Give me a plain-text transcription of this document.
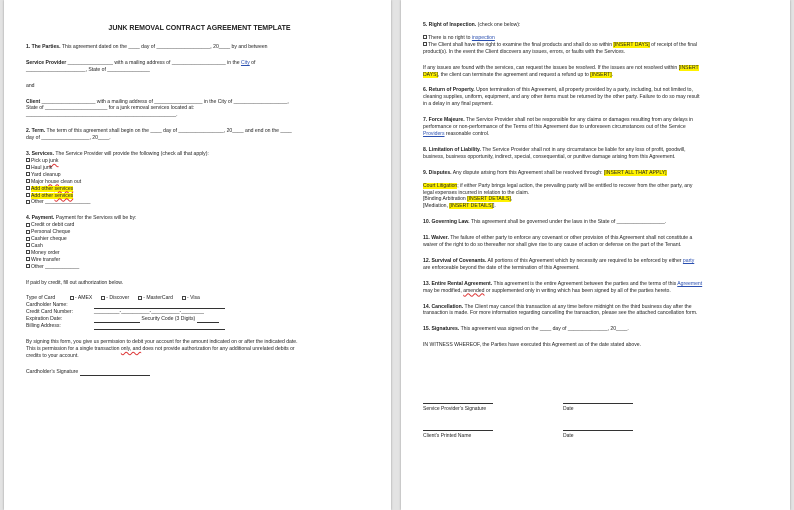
JUNK REMOVAL CONTRACT AGREEMENT TEMPLATE

1. The Parties. This agreement dated on the ____ day of ___________________, 20____ by and between

Service Provider ________________ with a mailing address of ___________________ in the City of

_____________________, State of _______________

and

Client ___________________ with a mailing address of _________________ in the City of ___________________,

State of ______________________ for a junk removal services located at:

_____________________________________________________.

2. Term. The term of this agreement shall begin on the ____ day of ________________, 20____ and end on the ____

day of _________________, 20____.

3. Services. The Service Provider will provide the following (check all that apply):

Pick up junk

Haul junk

Yard cleanup

Major house clean out

Add other services

Add other services

Other ________________

4. Payment. Payment for the Services will be by:

Credit or debit card

Personal Cheque

Cashier cheque

Cash

Money order

Wire transfer

Other ____________

If paid by credit, fill out authorization below.

Type of Card	- AMEX	- Discover	- MasterCard	- Visa

Cardholder Name:

Credit Card Number:	_________-__________-__________-________

Expiration Date:	Security Code (3 Digits)

Billing Address:

By signing this form, you give us permission to debit your account for the amount indicated on or after the indicated date.

This is permission for a single transaction only, and does not provide authorization for any additional unrelated debits or

credits to your account.

Cardholder’s Signature

5. Right of Inspection. (check one below):

There is no right to inspection

The Client shall have the right to examine the final products and shall do so within [INSERT DAYS] of receipt of the final

product(s). In the event the Client discovers any issues, errors, or faults with the Services.

If any issues are found with the services, can request the issues be resolved. If the issues are not resolved within [INSERT

DAYS], the client can terminate the agreement and request a refund up to [INSERT].

6. Return of Property. Upon termination of this Agreement, all property provided by a party, including, but not limited to,

cleaning supplies, uniform, equipment, and any other items must be returned by the other party. Failure to do so may result

in a delay in any final payment.

7. Force Majeure. The Service Provider shall not be responsible for any claims or damages resulting from any delays in

performance or non-performance of the Terms of this Agreement due to unforeseen circumstances out of the Service

Providers reasonable control.

8. Limitation of Liability. The Service Provider shall not in any circumstance be liable for any loss of profit, goodwill,

business, business opportunity, indirect, special, consequential, or punitive damage arising from this Agreement.

9. Disputes. Any dispute arising from this Agreement shall be resolved through: [INSERT ALL THAT APPLY]

Court Litigation; if either Party brings legal action, the prevailing party will be entitled to recover from the other party, any

legal expenses incurred in relation to the claim.

[Binding Arbitration [INSERT DETAILS],

[Mediation, [INSERT DETAILS]].

10. Governing Law. This agreement shall be governed under the laws in the State of _________________.

11. Waiver. The failure of either party to enforce any covenant or other provision of this Agreement shall not constitute a

waiver of the right to do so thereafter nor shall give rise to any cause of action or defense on the part of the Tenant.

12. Survival of Covenants. All portions of this Agreement which by necessity are required to be enforced by either party

are enforceable beyond the date of the termination of this Agreement.

13. Entire Rental Agreement. This agreement is the entire Agreement between the parties and the terms of this Agreement

may be modified, amended or supplemented only in writing which has been signed by all of the parties hereto.

14. Cancellation. The Client may cancel this transaction at any time before midnight on the third business day after the

transaction is made. For more information regarding cancelling the transaction, please see the attached cancellation form.

15. Signatures. This agreement was signed on the ____ day of ______________, 20____.

IN WITNESS WHEREOF, the Parties have executed this Agreement as of the date stated above.

Service Provider’s Signature	Date
Client’s Printed Name	Date
